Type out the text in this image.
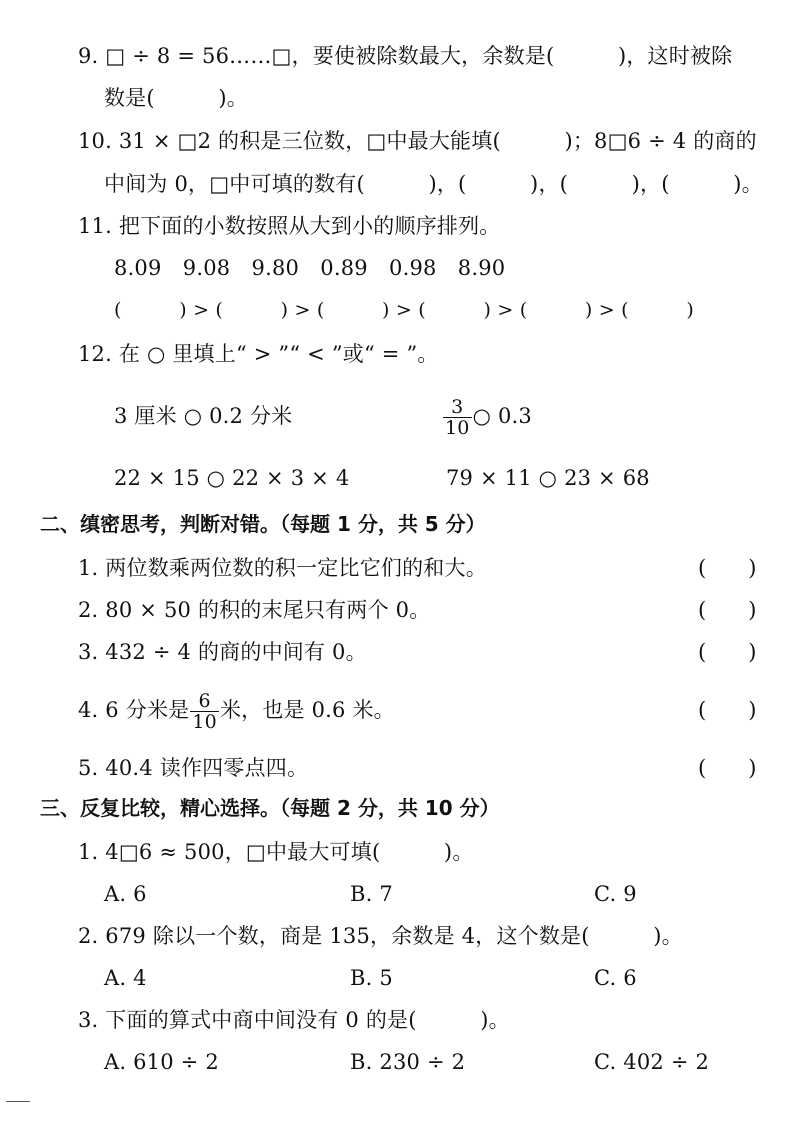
9. □ ÷ 8 = 56……□，要使被除数最大，余数是(　　　)，这时被除
数是(　　　)。
10. 31 × □2 的积是三位数，□中最大能填(　　　)；8□6 ÷ 4 的商的
中间为 0，□中可填的数有(　　　)，(　　　)，(　　　)，(　　　)。
11. 把下面的小数按照从大到小的顺序排列。
8.09　9.08　9.80　0.89　0.98　8.90
(　　　) > (　　　) > (　　　) > (　　　) > (　　　) > (　　　)
12. 在 ○ 里填上“ > ”“ < ”或“ = ”。
3 厘米 ○ 0.2 分米	$\frac{3}{10}$ ○ 0.3
22 × 15 ○ 22 × 3 × 4	79 × 11 ○ 23 × 68
二、缜密思考，判断对错。（每题 1 分，共 5 分）
1. 两位数乘两位数的积一定比它们的和大。	(　　)
2. 80 × 50 的积的末尾只有两个 0。	(　　)
3. 432 ÷ 4 的商的中间有 0。	(　　)
4. 6 分米是 $\frac{6}{10}$ 米，也是 0.6 米。	(　　)
5. 40.4 读作四零点四。	(　　)
三、反复比较，精心选择。（每题 2 分，共 10 分）
1. 4□6 ≈ 500，□中最大可填(　　　)。
A. 6	B. 7	C. 9
2. 679 除以一个数，商是 135，余数是 4，这个数是(　　　)。
A. 4	B. 5	C. 6
3. 下面的算式中商中间没有 0 的是(　　　)。
A. 610 ÷ 2	B. 230 ÷ 2	C. 402 ÷ 2
